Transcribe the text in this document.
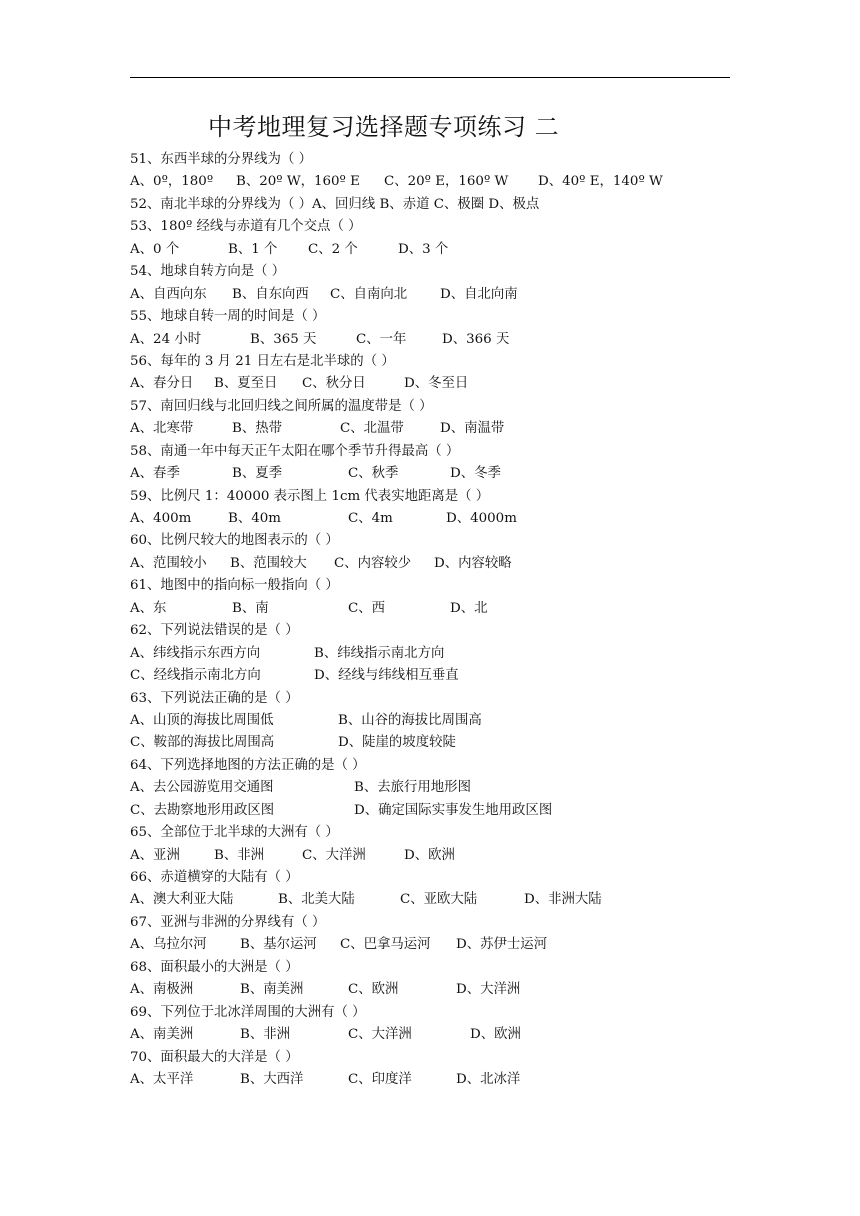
中考地理复习选择题专项练习 二
51、东西半球的分界线为（ ）
A、0º，180º B、20º W，160º E C、20º E，160º W D、40º E，140º W
52、南北半球的分界线为（ ）A、回归线 B、赤道 C、极圈 D、极点
53、180º 经线与赤道有几个交点（ ）
A、0 个	B、1 个 C、2 个	D、3 个
54、地球自转方向是（ ）
A、自西向东 B、自东向西 C、自南向北 D、自北向南
55、地球自转一周的时间是（ ）
A、24 小时	B、365 天	C、一年	D、366 天
56、每年的 3 月 21 日左右是北半球的（ ）
A、春分日 B、夏至日 C、秋分日	D、冬至日
57、南回归线与北回归线之间所属的温度带是（ ）
A、北寒带	B、热带	C、北温带	D、南温带
58、南通一年中每天正午太阳在哪个季节升得最高（ ）
A、春季	B、夏季	C、秋季	D、冬季
59、比例尺 1：40000 表示图上 1cm 代表实地距离是（ ）
A、400m	B、40m	C、4m	D、4000m
60、比例尺较大的地图表示的（ ）
A、范围较小 B、范围较大 C、内容较少 D、内容较略
61、地图中的指向标一般指向（ ）
A、东	B、南	C、西	D、北
62、下列说法错误的是（ ）
A、纬线指示东西方向	B、纬线指示南北方向
C、经线指示南北方向	D、经线与纬线相互垂直
63、下列说法正确的是（ ）
A、山顶的海拔比周围低	B、山谷的海拔比周围高
C、鞍部的海拔比周围高	D、陡崖的坡度较陡
64、下列选择地图的方法正确的是（ ）
A、去公园游览用交通图	B、去旅行用地形图
C、去勘察地形用政区图	D、确定国际实事发生地用政区图
65、全部位于北半球的大洲有（ ）
A、亚洲	B、非洲	C、大洋洲	D、欧洲
66、赤道横穿的大陆有（ ）
A、澳大利亚大陆	B、北美大陆	C、亚欧大陆	D、非洲大陆
67、亚洲与非洲的分界线有（ ）
A、乌拉尔河 B、基尔运河 C、巴拿马运河 D、苏伊士运河
68、面积最小的大洲是（ ）
A、南极洲	B、南美洲	C、欧洲	D、大洋洲
69、下列位于北冰洋周围的大洲有（ ）
A、南美洲	B、非洲	C、大洋洲	D、欧洲
70、面积最大的大洋是（ ）
A、太平洋	B、大西洋	C、印度洋	D、北冰洋
